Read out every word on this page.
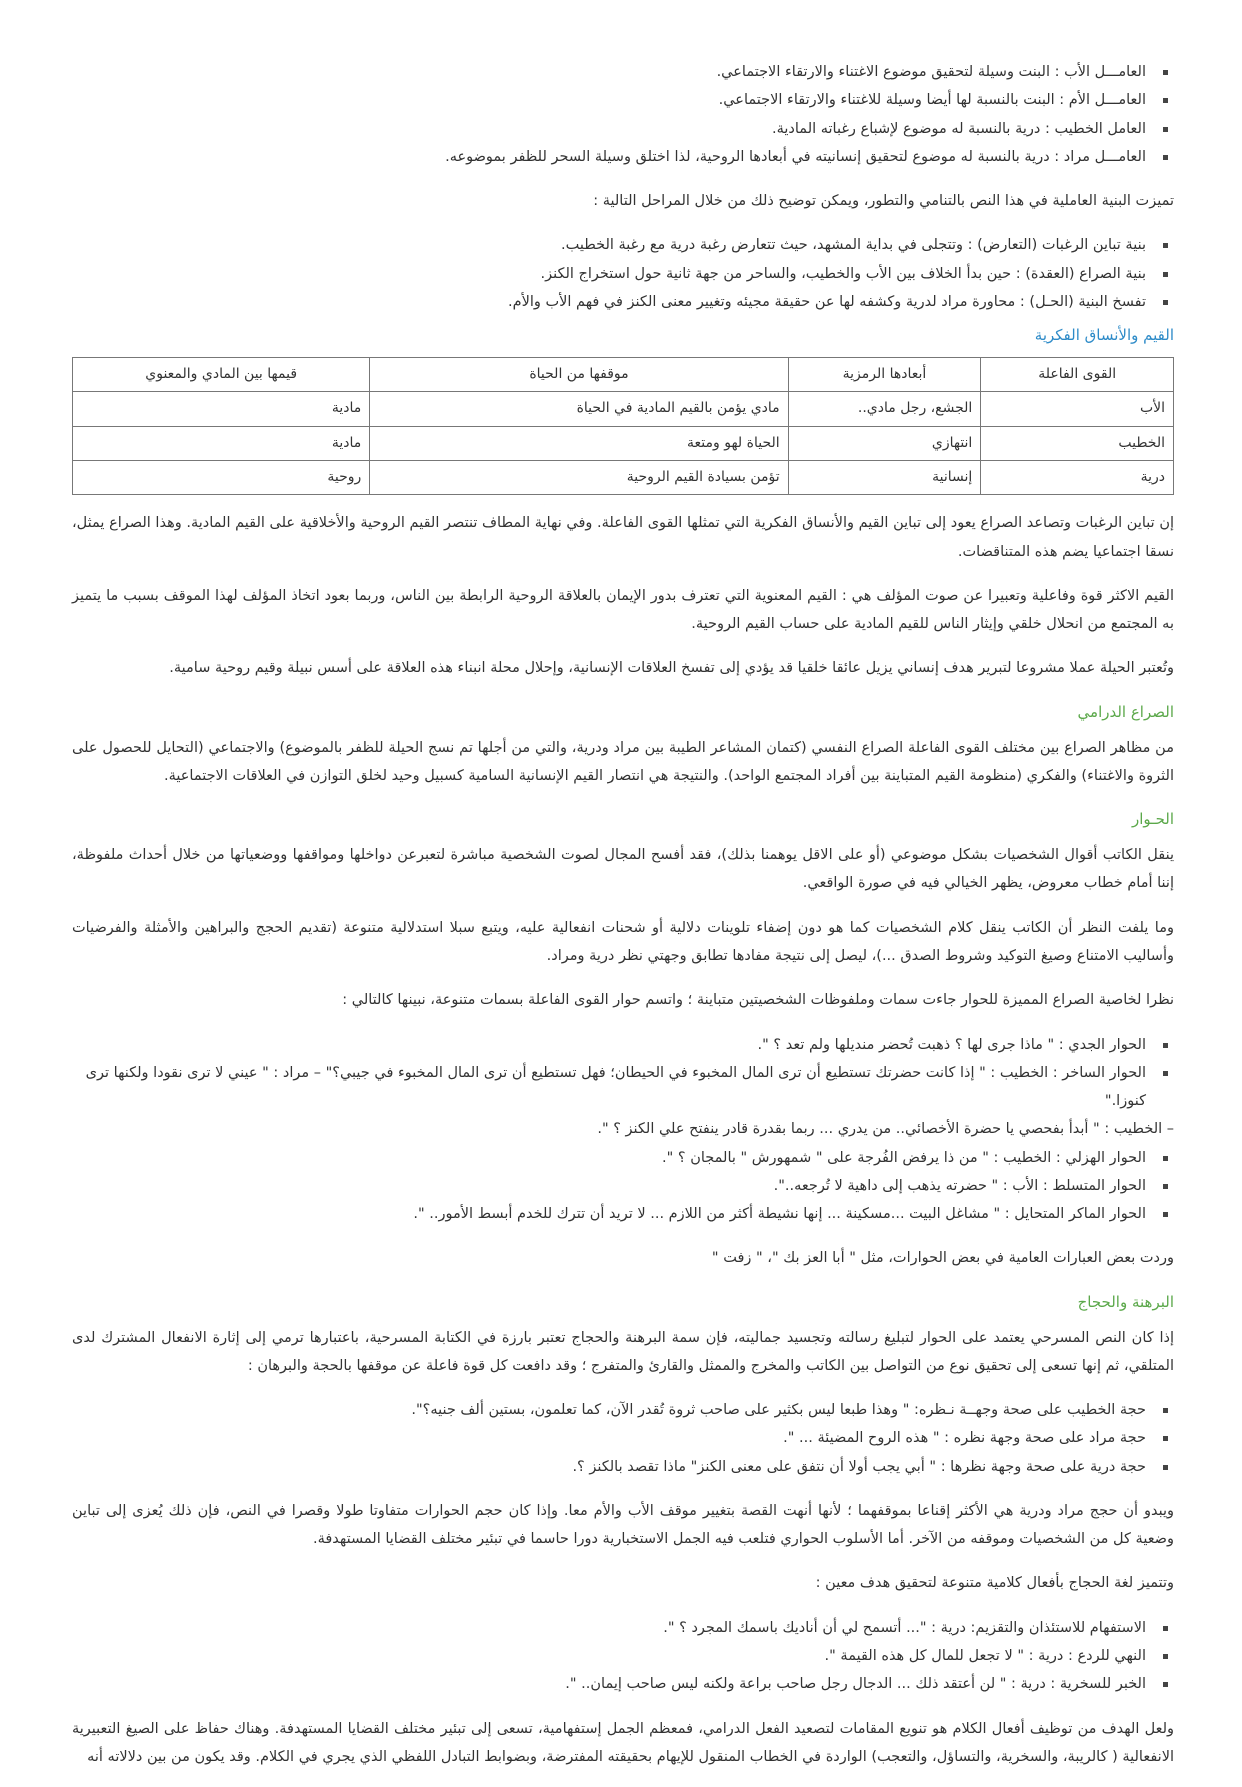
العامـــل الأب : البنت وسيلة لتحقيق موضوع الاغتناء والارتقاء الاجتماعي.
العامـــل الأم : البنت بالنسبة لها أيضا وسيلة للاغتناء والارتقاء الاجتماعي.
العامل الخطيب : درية بالنسبة له موضوع لإشباع رغباته المادية.
العامـــل مراد : درية بالنسبة له موضوع لتحقيق إنسانيته في أبعادها الروحية، لذا اختلق وسيلة السحر للظفر بموضوعه.

تميزت البنية العاملية في هذا النص بالتنامي والتطور، ويمكن توضيح ذلك من خلال المراحل التالية :

بنية تباين الرغبات (التعارض) : وتتجلى في بداية المشهد، حيث تتعارض رغبة درية مع رغبة الخطيب.
بنية الصراع (العقدة) : حين بدأ الخلاف بين الأب والخطيب، والساحر من جهة ثانية حول استخراج الكنز.
تفسخ البنية (الحـل) : محاورة مراد لدرية وكشفه لها عن حقيقة مجيئه وتغيير معنى الكنز في فهم الأب والأم.
القيم والأنساق الفكرية
القوى الفاعلة	أبعادها الرمزية	موقفها من الحياة	قيمها بين المادي والمعنوي
الأب	الجشع، رجل مادي..	مادي يؤمن بالقيم المادية في الحياة	مادية
الخطيب	انتهازي	الحياة لهو ومتعة	مادية
درية	إنسانية	تؤمن بسيادة القيم الروحية	روحية

إن تباين الرغبات وتصاعد الصراع يعود إلى تباين القيم والأنساق الفكرية التي تمثلها القوى الفاعلة. وفي نهاية المطاف تنتصر القيم الروحية والأخلاقية على القيم المادية. وهذا الصراع يمثل، نسقا اجتماعيا يضم هذه المتناقضات.

القيم الاكثر قوة وفاعلية وتعبيرا عن صوت المؤلف هي : القيم المعنوية التي تعترف بدور الإيمان بالعلاقة الروحية الرابطة بين الناس، وربما بعود اتخاذ المؤلف لهذا الموقف بسبب ما يتميز به المجتمع من انحلال خلقي وإيثار الناس للقيم المادية على حساب القيم الروحية.

وتُعتبر الحيلة عملا مشروعا لتبرير هدف إنساني يزيل عائقا خلقيا قد يؤدي إلى تفسخ العلاقات الإنسانية، وإحلال محلة انبناء هذه العلاقة على أسس نبيلة وقيم روحية سامية.

الصراع الدرامي

من مظاهر الصراع بين مختلف القوى الفاعلة الصراع النفسي (كتمان المشاعر الطيبة بين مراد ودرية، والتي من أجلها تم نسج الحيلة للظفر بالموضوع) والاجتماعي (التحايل للحصول على الثروة والاغتناء) والفكري (منظومة القيم المتباينة بين أفراد المجتمع الواحد). والنتيجة هي انتصار القيم الإنسانية السامية كسبيل وحيد لخلق التوازن في العلاقات الاجتماعية.

الحـوار

ينقل الكاتب أقوال الشخصيات بشكل موضوعي (أو على الاقل يوهمنا بذلك)، فقد أفسح المجال لصوت الشخصية مباشرة لتعبرعن دواخلها ومواقفها ووضعياتها من خلال أحداث ملفوظة، إننا أمام خطاب معروض، يظهر الخيالي فيه في صورة الواقعي.

وما يلفت النظر أن الكاتب ينقل كلام الشخصيات كما هو دون إضفاء تلوينات دلالية أو شحنات انفعالية عليه، ويتبع سبلا استدلالية متنوعة (تقديم الحجج والبراهين والأمثلة والفرضيات وأساليب الامتناع وصيغ التوكيد وشروط الصدق ...)، ليصل إلى نتيجة مفادها تطابق وجهتي نظر درية ومراد.

نظرا لخاصية الصراع المميزة للحوار جاءت سمات وملفوظات الشخصيتين متباينة ؛ واتسم حوار القوى الفاعلة بسمات متنوعة، نبينها كالتالي :

الحوار الجدي : " ماذا جرى لها ؟ ذهبت تُحضر منديلها ولم تعد ؟ ".
الحوار الساخر : الخطيب : " إذا كانت حضرتك تستطيع أن ترى المال المخبوء في الحيطان؛ فهل تستطيع أن ترى المال المخبوء في جيبي؟" – مراد : " عيني لا ترى نقودا ولكنها ترى كنوزا."
– الخطيب : " أبدأ بفحصي يا حضرة الأخصائي.. من يدري ... ربما بقدرة قادر ينفتح علي الكنز ؟ ".
الحوار الهزلي : الخطيب : " من ذا يرفض الفُرجة على " شمهورش " بالمجان ؟ ".
الحوار المتسلط : الأب : " حضرته يذهب إلى داهية لا تُرجعه..".
الحوار الماكر المتحايل : " مشاغل البيت ...مسكينة ... إنها نشيطة أكثر من اللازم ... لا تريد أن تترك للخدم أبسط الأمور.. ".

وردت بعض العبارات العامية في بعض الحوارات، مثل " أبا العز بك "، " زفت "

البرهنة والحجاج

إذا كان النص المسرحي يعتمد على الحوار لتبليغ رسالته وتجسيد جماليته، فإن سمة البرهنة والحجاج تعتبر بارزة في الكتابة المسرحية، باعتبارها ترمي إلى إثارة الانفعال المشترك لدى المتلقي، ثم إنها تسعى إلى تحقيق نوع من التواصل بين الكاتب والمخرج والممثل والقارئ والمتفرج ؛ وقد دافعت كل قوة فاعلة عن موقفها بالحجة والبرهان :

حجة الخطيب على صحة وجهــة نـظره: " وهذا طبعا ليس بكثير على صاحب ثروة تُقدر الآن، كما تعلمون، بستين ألف جنيه؟".
حجة مراد على صحة وجهة نظره : " هذه الروح المضيئة ... ".
حجة درية على صحة وجهة نظرها : " أبي يجب أولا أن نتفق على معنى الكنز" ماذا تقصد بالكنز ؟.

ويبدو أن حجج مراد ودرية هي الأكثر إقناعا بموقفهما ؛ لأنها أنهت القصة بتغيير موقف الأب والأم معا. وإذا كان حجم الحوارات متفاوتا طولا وقصرا في النص، فإن ذلك يُعزى إلى تباين وضعية كل من الشخصيات وموقفه من الآخر. أما الأسلوب الحواري فتلعب فيه الجمل الاستخبارية دورا حاسما في تبئير مختلف القضايا المستهدفة.

وتتميز لغة الحجاج بأفعال كلامية متنوعة لتحقيق هدف معين :

الاستفهام للاستئذان والتقزيم: درية : "... أتسمح لي أن أناديك باسمك المجرد ؟ ".
النهي للردع : درية : " لا تجعل للمال كل هذه القيمة ".
الخبر للسخرية : درية : " لن أعتقد ذلك ... الدجال رجل صاحب براعة ولكنه ليس صاحب إيمان.. ".

ولعل الهدف من توظيف أفعال الكلام هو تنويع المقامات لتصعيد الفعل الدرامي، فمعظم الجمل إستفهامية، تسعى إلى تبئير مختلف القضايا المستهدفة. وهناك حفاظ على الصيغ التعبيرية الانفعالية ( كالريبة، والسخرية، والتساؤل، والتعجب) الواردة في الخطاب المنقول للإيهام بحقيقته المفترضة، وبضوابط التبادل اللفظي الذي يجري في الكلام. وقد يكون من بين دلالاته أنه
